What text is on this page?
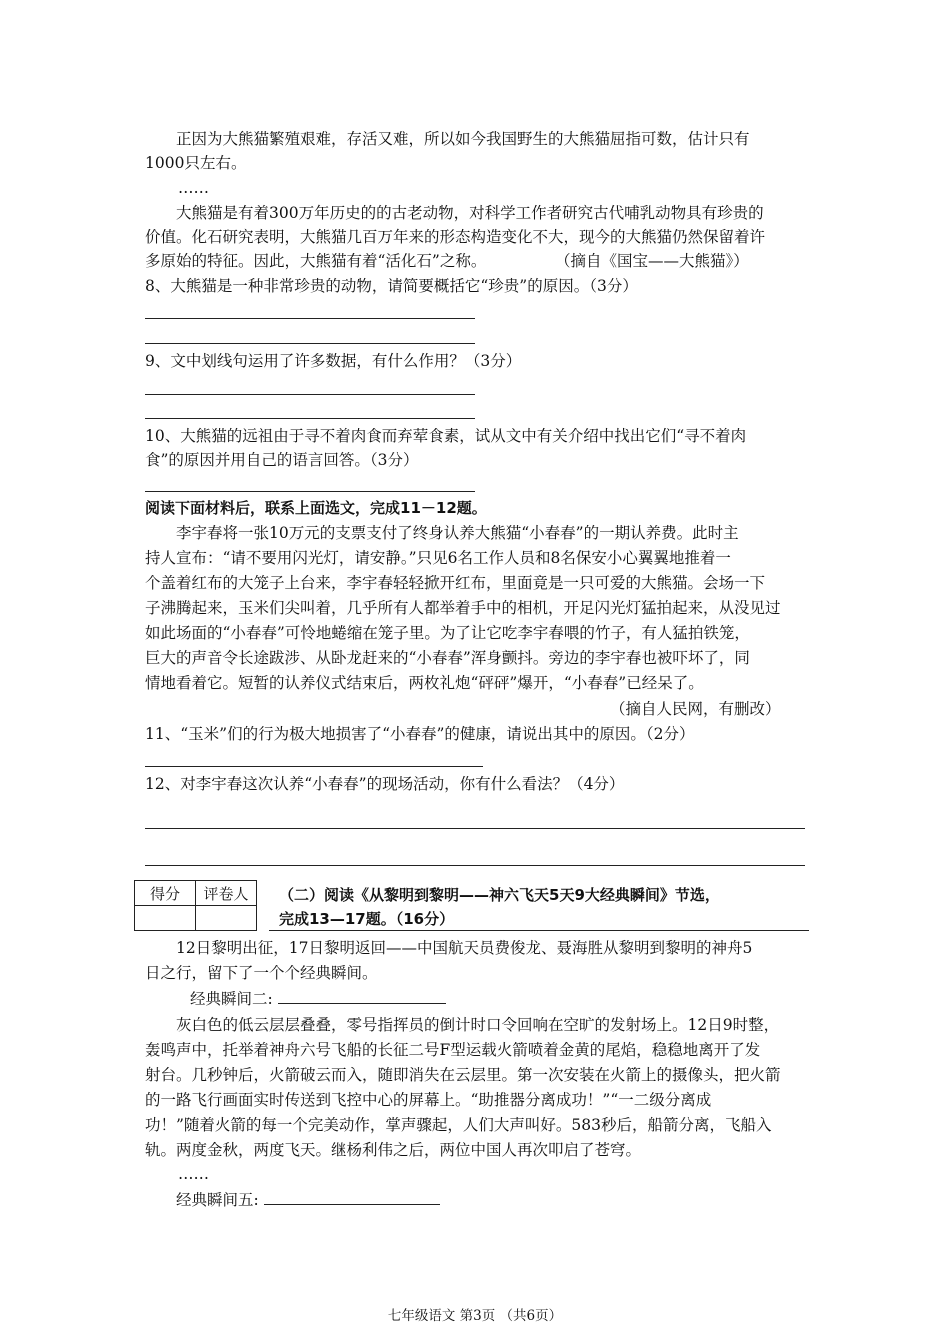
正因为大熊猫繁殖艰难，存活又难，所以如今我国野生的大熊猫屈指可数，估计只有
1000只左右。
……
大熊猫是有着300万年历史的的古老动物，对科学工作者研究古代哺乳动物具有珍贵的
价值。化石研究表明，大熊猫几百万年来的形态构造变化不大，现今的大熊猫仍然保留着许
多原始的特征。因此，大熊猫有着“活化石”之称。	（摘自《国宝——大熊猫》）
8、大熊猫是一种非常珍贵的动物，请简要概括它“珍贵”的原因。（3分）
9、文中划线句运用了许多数据，有什么作用？（3分）
10、大熊猫的远祖由于寻不着肉食而弃荤食素，试从文中有关介绍中找出它们“寻不着肉
食”的原因并用自己的语言回答。（3分）
阅读下面材料后，联系上面选文，完成11－12题。
李宇春将一张10万元的支票支付了终身认养大熊猫“小春春”的一期认养费。此时主
持人宣布：“请不要用闪光灯，请安静。”只见6名工作人员和8名保安小心翼翼地推着一
个盖着红布的大笼子上台来，李宇春轻轻掀开红布，里面竟是一只可爱的大熊猫。会场一下
子沸腾起来，玉米们尖叫着，几乎所有人都举着手中的相机，开足闪光灯猛拍起来，从没见过
如此场面的“小春春”可怜地蜷缩在笼子里。为了让它吃李宇春喂的竹子，有人猛拍铁笼，
巨大的声音令长途跋涉、从卧龙赶来的“小春春”浑身颤抖。旁边的李宇春也被吓坏了，同
情地看着它。短暂的认养仪式结束后，两枚礼炮“砰砰”爆开，“小春春”已经呆了。
（摘自人民网，有删改）
11、“玉米”们的行为极大地损害了“小春春”的健康，请说出其中的原因。（2分）
12、对李宇春这次认养“小春春”的现场活动，你有什么看法？（4分）
得分	评卷人
	（二）阅读《从黎明到黎明——神六飞天5天9大经典瞬间》节选，
完成13—17题。（16分）
12日黎明出征，17日黎明返回——中国航天员费俊龙、聂海胜从黎明到黎明的神舟5
日之行，留下了一个个经典瞬间。
经典瞬间二:
灰白色的低云层层叠叠，零号指挥员的倒计时口令回响在空旷的发射场上。12日9时整，
轰鸣声中，托举着神舟六号飞船的长征二号F型运载火箭喷着金黄的尾焰，稳稳地离开了发
射台。几秒钟后，火箭破云而入，随即消失在云层里。第一次安装在火箭上的摄像头，把火箭
的一路飞行画面实时传送到飞控中心的屏幕上。“助推器分离成功！”“一二级分离成
功！”随着火箭的每一个完美动作，掌声骤起，人们大声叫好。583秒后，船箭分离，飞船入
轨。两度金秋，两度飞天。继杨利伟之后，两位中国人再次叩启了苍穹。
……
经典瞬间五:
七年级语文 第3页 （共6页）
